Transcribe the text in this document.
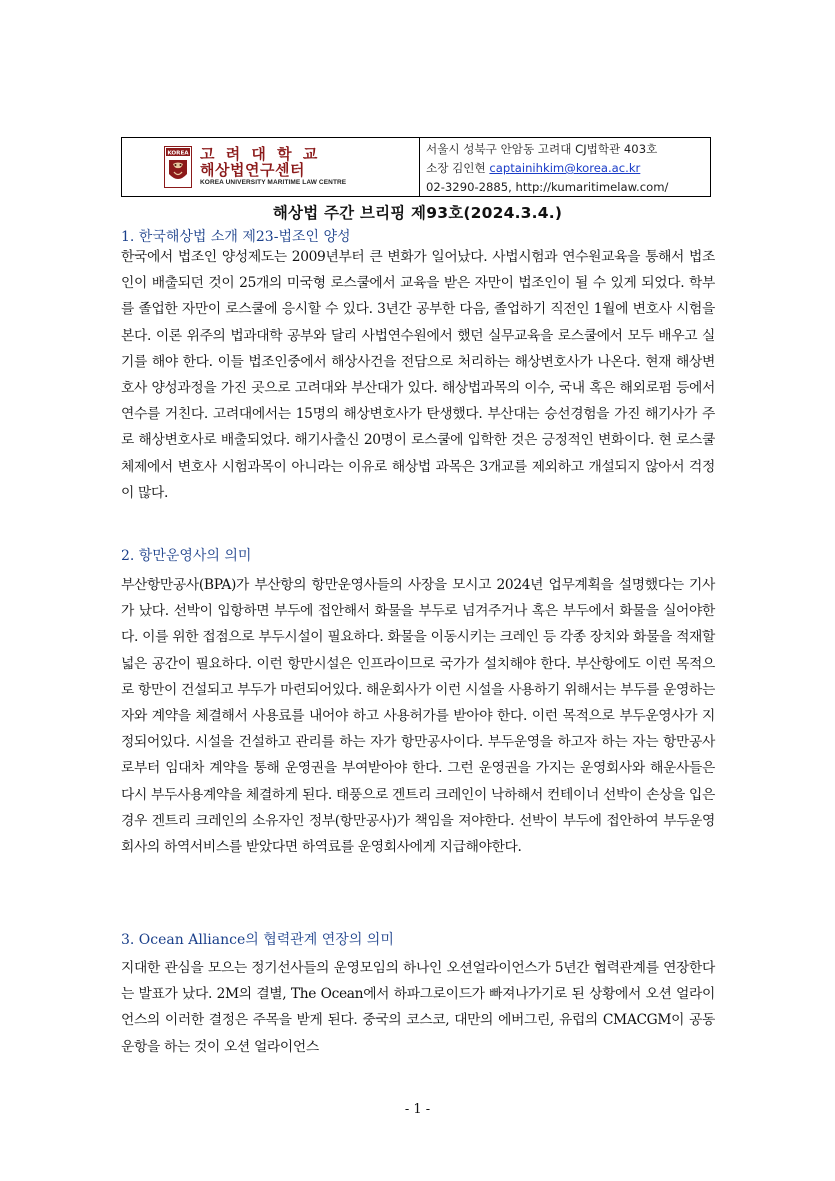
KOREA 고 려 대 학 교
해상법연구센터
KOREA UNIVERSITY MARITIME LAW CENTRE
서울시 성북구 안암동 고려대 CJ법학관 403호
소장 김인현 captainihkim@korea.ac.kr
02-3290-2885, http://kumaritimelaw.com/
해상법 주간 브리핑 제93호(2024.3.4.)
1. 한국해상법 소개 제23-법조인 양성
한국에서 법조인 양성제도는 2009년부터 큰 변화가 일어났다. 사법시험과 연수원교육을 통해서 법조인이 배출되던 것이 25개의 미국형 로스쿨에서 교육을 받은 자만이 법조인이 될 수 있게 되었다. 학부를 졸업한 자만이 로스쿨에 응시할 수 있다. 3년간 공부한 다음, 졸업하기 직전인 1월에 변호사 시험을 본다. 이론 위주의 법과대학 공부와 달리 사법연수원에서 했던 실무교육을 로스쿨에서 모두 배우고 실기를 해야 한다. 이들 법조인중에서 해상사건을 전담으로 처리하는 해상변호사가 나온다. 현재 해상변호사 양성과정을 가진 곳으로 고려대와 부산대가 있다. 해상법과목의 이수, 국내 혹은 해외로펌 등에서 연수를 거친다. 고려대에서는 15명의 해상변호사가 탄생했다. 부산대는 승선경험을 가진 해기사가 주로 해상변호사로 배출되었다. 해기사출신 20명이 로스쿨에 입학한 것은 긍정적인 변화이다. 현 로스쿨 체제에서 변호사 시험과목이 아니라는 이유로 해상법 과목은 3개교를 제외하고 개설되지 않아서 걱정이 많다.
2. 항만운영사의 의미
부산항만공사(BPA)가 부산항의 항만운영사들의 사장을 모시고 2024년 업무계획을 설명했다는 기사가 났다. 선박이 입항하면 부두에 접안해서 화물을 부두로 넘겨주거나 혹은 부두에서 화물을 실어야한다. 이를 위한 접점으로 부두시설이 필요하다. 화물을 이동시키는 크레인 등 각종 장치와 화물을 적재할 넓은 공간이 필요하다. 이런 항만시설은 인프라이므로 국가가 설치해야 한다. 부산항에도 이런 목적으로 항만이 건설되고 부두가 마련되어있다. 해운회사가 이런 시설을 사용하기 위해서는 부두를 운영하는 자와 계약을 체결해서 사용료를 내어야 하고 사용허가를 받아야 한다. 이런 목적으로 부두운영사가 지정되어있다. 시설을 건설하고 관리를 하는 자가 항만공사이다. 부두운영을 하고자 하는 자는 항만공사로부터 임대차 계약을 통해 운영권을 부여받아야 한다. 그런 운영권을 가지는 운영회사와 해운사들은 다시 부두사용계약을 체결하게 된다. 태풍으로 겐트리 크레인이 낙하해서 컨테이너 선박이 손상을 입은 경우 겐트리 크레인의 소유자인 정부(항만공사)가 책임을 져야한다. 선박이 부두에 접안하여 부두운영회사의 하역서비스를 받았다면 하역료를 운영회사에게 지급해야한다.
3. Ocean Alliance의 협력관계 연장의 의미
지대한 관심을 모으는 정기선사들의 운영모임의 하나인 오션얼라이언스가 5년간 협력관계를 연장한다는 발표가 났다. 2M의 결별, The Ocean에서 하파그로이드가 빠져나가기로 된 상황에서 오션 얼라이언스의 이러한 결정은 주목을 받게 된다. 중국의 코스코, 대만의 에버그린, 유럽의 CMACGM이 공동운항을 하는 것이 오션 얼라이언스
- 1 -
